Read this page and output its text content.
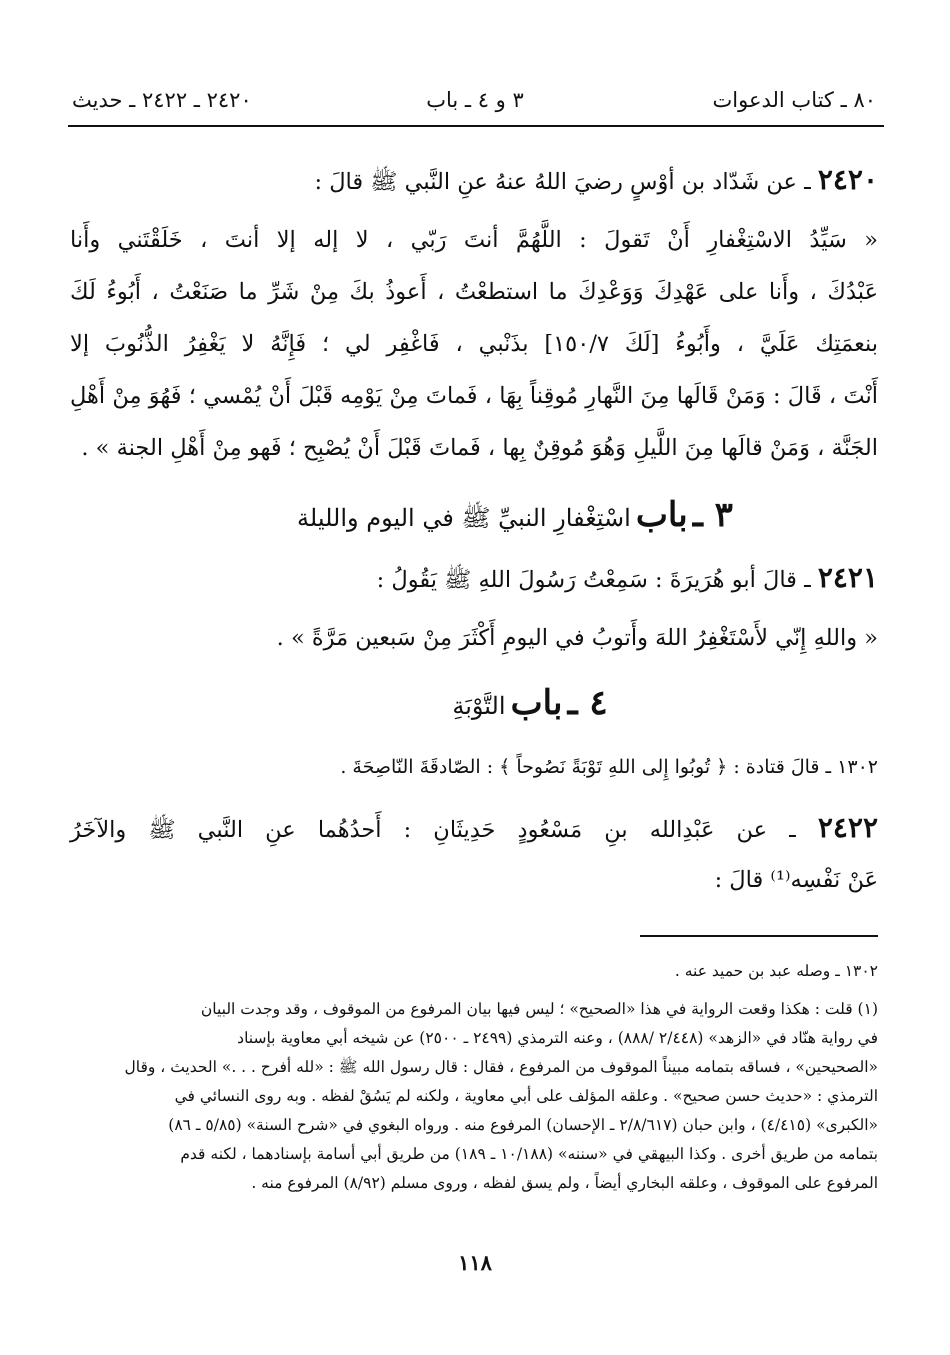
٨٠ ـ كتاب الدعوات
٣ و ٤ ـ باب
٢٤٢٠ ـ ٢٤٢٢ ـ حديث
٢٤٢٠ ـ عن شَدّاد بن أوْسٍ رضيَ اللهُ عنهُ عنِ النَّبي ﷺ قالَ :
« سَيِّدُ الاسْتِغْفارِ أَنْ تَقولَ : اللَّهُمَّ أنتَ رَبّي ، لا إله إلا أنتَ ، خَلَقْتَني وأَنا
عَبْدُكَ ، وأَنا على عَهْدِكَ وَوَعْدِكَ ما استطعْتُ ، أَعوذُ بكَ مِنْ شَرِّ ما صَنَعْتُ ، أَبُوءُ لَكَ
بنعمَتِك عَلَيَّ ، وأَبُوءُ [لَكَ ١٥٠/٧] بذَنْبي ، فَاغْفِر لي ؛ فَإِنَّهُ لا يَغْفِرُ الذُّنُوبَ إلا
أَنْتَ ، قَالَ : وَمَنْ قَالَها مِنَ النَّهارِ مُوقِناً بِهَا ، فَماتَ مِنْ يَوْمِه قَبْلَ أَنْ يُمْسي ؛ فَهُوَ مِنْ أَهْلِ
الجَنَّة ، وَمَنْ قالَها مِنَ اللَّيلِ وَهُوَ مُوقِنٌ بِها ، فَماتَ قَبْلَ أَنْ يُصْبِح ؛ فَهو مِنْ أَهْلِ الجنة » .
٣ ـ باب اسْتِغْفارِ النبيِّ ﷺ في اليوم والليلة
٢٤٢١ ـ قالَ أبو هُرَيرَةَ : سَمِعْتُ رَسُولَ اللهِ ﷺ يَقُولُ :
« واللهِ إِنّي لأَسْتَغْفِرُ اللهَ وأَتوبُ في اليومِ أَكْثَرَ مِنْ سَبعين مَرَّةً » .
٤ ـ باب التَّوْبَةِ
١٣٠٢ ـ قالَ قتادة : ﴿ تُوبُوا إِلى اللهِ تَوْبَةً نَصُوحاً ﴾ : الصّادقَةَ النّاصِحَةَ .
٢٤٢٢ ـ عن عَبْدِالله بنِ مَسْعُودٍ حَدِيثَانِ : أَحدُهُما عنِ النَّبي ﷺ والآخَرُ
عَنْ نَفْسِه⁽¹⁾ قالَ :
١٣٠٢ ـ وصله عبد بن حميد عنه .
(١) قلت : هكذا وقعت الرواية في هذا «الصحيح» ؛ ليس فيها بيان المرفوع من الموقوف ، وقد وجدت البيان
في رواية هنّاد في «الزهد» (٢/٤٤٨ /٨٨٨) ، وعنه الترمذي (٢٤٩٩ ـ ٢٥٠٠) عن شيخه أبي معاوية بإسناد
«الصحيحين» ، فساقه بتمامه مبيناً الموقوف من المرفوع ، فقال : قال رسول الله ﷺ : «لله أفرح . . .» الحديث ، وقال
الترمذي : «حديث حسن صحيح» . وعلقه المؤلف على أبي معاوية ، ولكنه لم يَسُقْ لفظه . وبه روى النسائي في
«الكبرى» (٤/٤١٥) ، وابن حبان (٢/٨/٦١٧ ـ الإحسان) المرفوع منه . ورواه البغوي في «شرح السنة» (٥/٨٥ ـ ٨٦)
بتمامه من طريق أخرى . وكذا البيهقي في «سننه» (١٠/١٨٨ ـ ١٨٩) من طريق أبي أسامة بإسنادهما ، لكنه قدم
المرفوع على الموقوف ، وعلقه البخاري أيضاً ، ولم يسق لفظه ، وروى مسلم (٨/٩٢) المرفوع منه .
١١٨
